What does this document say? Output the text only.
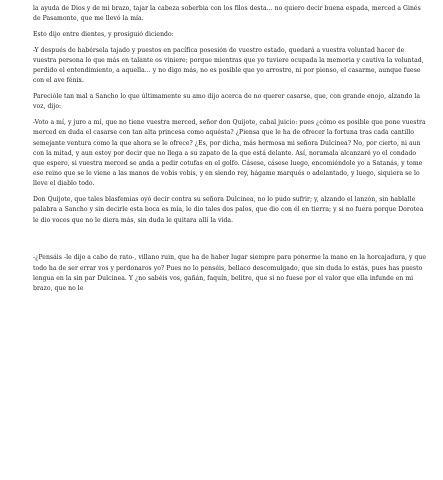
la ayuda de Dios y de mi brazo, tajar la cabeza soberbia con los filos desta... no quiero decir buena espada, merced a Ginés de Pasamonte, que me llevó la mía.

Esto dijo entre dientes, y prosiguió diciendo:

-Y después de habérsela tajado y puestos en pacífica posesión de vuestro estado, quedará a vuestra voluntad hacer de vuestra persona lo que más en talante os viniere; porque mientras que yo tuviere ocupada la memoria y cautiva la voluntad, perdido el entendimiento, a aquella... y no digo más, no es posible que yo arrostre, ni por pienso, el casarme, aunque fuese con el ave fénix.

Parecióle tan mal a Sancho lo que últimamente su amo dijo acerca de no querer casarse, que, con grande enojo, alzando la voz, dijo:

-Voto a mí, y juro a mí, que no tiene vuestra merced, señor don Quijote, cabal juicio: pues ¿cómo es posible que pone vuestra merced en duda el casarse con tan alta princesa como aquésta? ¿Piensa que le ha de ofrecer la fortuna tras cada cantillo semejante ventura como la que ahora se le ofrece? ¿Es, por dicha, más hermosa mi señora Dulcinea? No, por cierto, ni aun con la mitad, y aun estoy por decir que no llega a su zapato de la que está delante. Así, noramala alcanzaré yo el condado que espero, si vuestra merced se anda a pedir cotufas en el golfo. Cásese, cásese luego, encomiéndole yo a Satanás, y tome ese reino que se le viene a las manos de vobis vobis, y en siendo rey, hágame marqués o adelantado, y luego, siquiera se lo lleve el diablo todo.

Don Quijote, que tales blasfemias oyó decir contra su señora Dulcinea, no lo pudo sufrir; y, alzando el lanzón, sin hablalle palabra a Sancho y sin decirle esta boca es mía, le dio tales dos palos, que dio con él en tierra; y si no fuera porque Dorotea le dio voces que no le diera más, sin duda le quitara allí la vida.

-¿Pensáis -le dijo a cabo de rato-, villano ruin, que ha de haber lugar siempre para ponerme la mano en la horcajadura, y que todo ha de ser errar vos y perdonaros yo? Pues no lo penséis, bellaco descomulgado, que sin duda lo estás, pues has puesto lengua en la sin par Dulcinea. Y ¿no sabéis vos, gañán, faquín, belitre, que si no fuese por el valor que ella infunde en mi brazo, que no le
